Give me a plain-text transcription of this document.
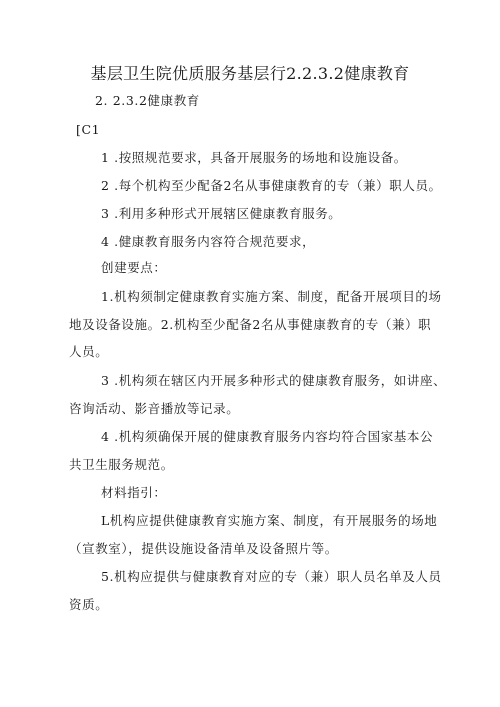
基层卫生院优质服务基层行2.2.3.2健康教育
2. 2.3.2健康教育
[C1
1 .按照规范要求，具备开展服务的场地和设施设备。
2 .每个机构至少配备2名从事健康教育的专（兼）职人员。
3 .利用多种形式开展辖区健康教育服务。
4 .健康教育服务内容符合规范要求，
创建要点：
1.机构须制定健康教育实施方案、制度，配备开展项目的场
地及设备设施。2.机构至少配备2名从事健康教育的专（兼）职
人员。
3 .机构须在辖区内开展多种形式的健康教育服务，如讲座、
咨询活动、影音播放等记录。
4 .机构须确保开展的健康教育服务内容均符合国家基本公
共卫生服务规范。
材料指引：
L机构应提供健康教育实施方案、制度，有开展服务的场地
（宣教室），提供设施设备清单及设备照片等。
5.机构应提供与健康教育对应的专（兼）职人员名单及人员
资质。
